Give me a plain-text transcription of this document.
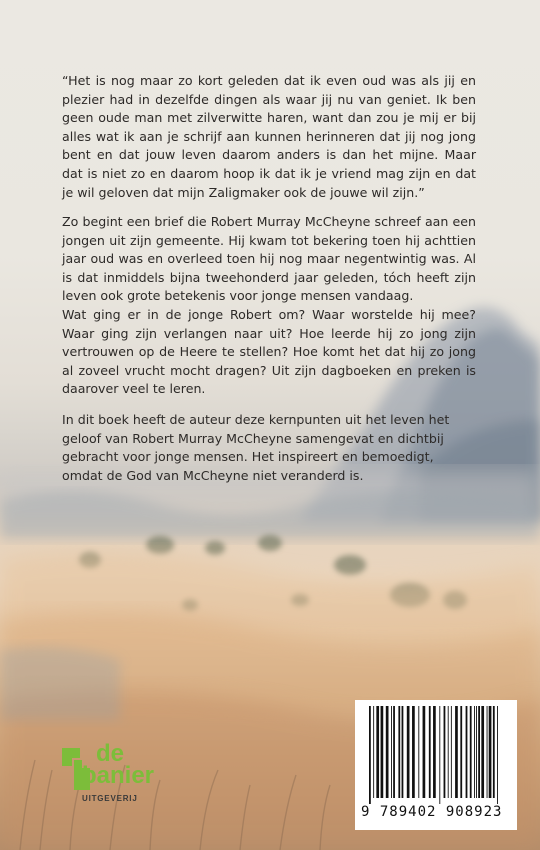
“Het is nog maar zo kort geleden dat ik even oud was als jij en plezier had in dezelfde dingen als waar jij nu van geniet. Ik ben geen oude man met zilverwitte haren, want dan zou je mij er bij alles wat ik aan je schrijf aan kunnen herinneren dat jij nog jong bent en dat jouw leven daarom anders is dan het mijne. Maar dat is niet zo en daarom hoop ik dat ik je vriend mag zijn en dat je wil geloven dat mijn Zaligmaker ook de jouwe wil zijn.”
Zo begint een brief die Robert Murray McCheyne schreef aan een jongen uit zijn gemeente. Hij kwam tot bekering toen hij achttien jaar oud was en overleed toen hij nog maar negentwintig was. Al is dat inmiddels bijna tweehonderd jaar geleden, tóch heeft zijn leven ook grote betekenis voor jonge mensen vandaag.
Wat ging er in de jonge Robert om? Waar worstelde hij mee? Waar ging zijn verlangen naar uit? Hoe leerde hij zo jong zijn vertrouwen op de Heere te stellen? Hoe komt het dat hij zo jong al zoveel vrucht mocht dragen? Uit zijn dagboeken en preken is daarover veel te leren.
In dit boek heeft de auteur deze kernpunten uit het leven het geloof van Robert Murray McCheyne samengevat en dichtbij gebracht voor jonge mensen. Het inspireert en bemoedigt, omdat de God van McCheyne niet veranderd is.
9 789402 908923
de
banier
UITGEVERIJ
